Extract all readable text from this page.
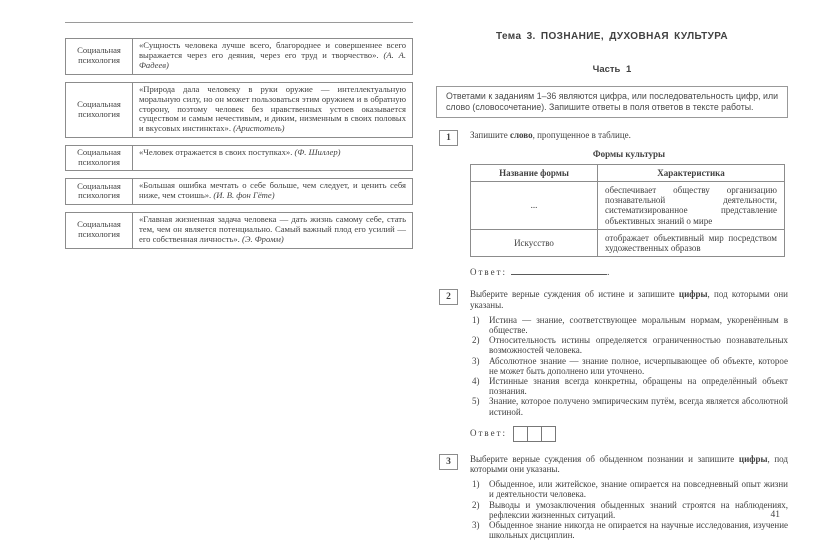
Социальная психология
«Сущность человека лучше всего, благороднее и совершеннее всего выражается через его деяния, через его труд и творчество». (А. А. Фадеев)
Социальная психология
«Природа дала человеку в руки оружие — интеллектуальную моральную силу, но он может пользоваться этим оружием и в обратную сторону, поэтому человек без нравственных устоев оказывается существом и самым нечестивым, и диким, низменным в своих половых и вкусовых инстинктах». (Аристотель)
Социальная психология
«Человек отражается в своих поступках». (Ф. Шиллер)
Социальная психология
«Большая ошибка мечтать о себе больше, чем следует, и ценить себя ниже, чем стоишь». (И. В. фон Гёте)
Социальная психология
«Главная жизненная задача человека — дать жизнь самому себе, стать тем, чем он является потенциально. Самый важный плод его усилий — его собственная личность». (Э. Фромм)
Тема 3. ПОЗНАНИЕ, ДУХОВНАЯ КУЛЬТУРА
Часть 1
Ответами к заданиям 1–36 являются цифра, или последовательность цифр, или слово (словосочетание). Запишите ответы в поля ответов в тексте работы.
1	Запишите слово, пропущенное в таблице.

Формы культуры
Название формы	Характеристика
...	обеспечивает обществу организацию познавательной деятельности, систематизированное представление объективных знаний о мире
Искусство	отображает объективный мир посредством художественных образов
Ответ:	.
2	Выберите верные суждения об истине и запишите цифры, под которыми они указаны.

1)	Истина — знание, соответствующее моральным нормам, укоренённым в обществе.
2)	Относительность истины определяется ограниченностью познавательных возможностей человека.
3)	Абсолютное знание — знание полное, исчерпывающее об объекте, которое не может быть дополнено или уточнено.
4)	Истинные знания всегда конкретны, обращены на определённый объект познания.
5)	Знание, которое получено эмпирическим путём, всегда является абсолютной истиной.
Ответ:
3	Выберите верные суждения об обыденном познании и запишите цифры, под которыми они указаны.

1)	Обыденное, или житейское, знание опирается на повседневный опыт жизни и деятельности человека.
2)	Выводы и умозаключения обыденных знаний строятся на наблюдениях, рефлексии жизненных ситуаций.
3)	Обыденное знание никогда не опирается на научные исследования, изучение школьных дисциплин.
41
